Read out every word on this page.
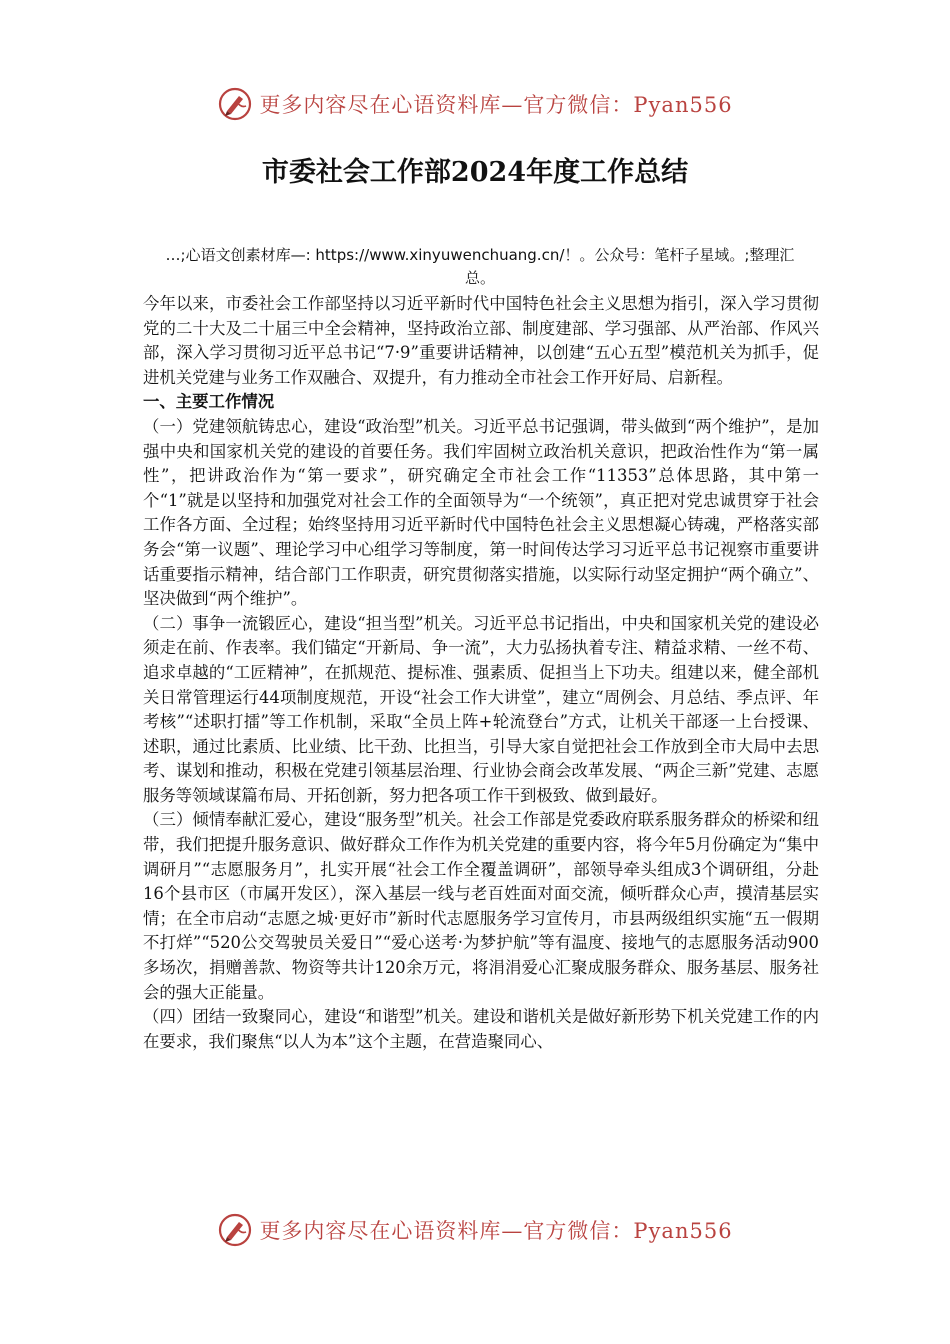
更多内容尽在心语资料库—官方微信：Pyan556
市委社会工作部2024年度工作总结
…;心语文创素材库—: https://www.xinyuwenchuang.cn/！。公众号：笔杆子星域。;整理汇总。

今年以来，市委社会工作部坚持以习近平新时代中国特色社会主义思想为指引，深入学习贯彻党的二十大及二十届三中全会精神，坚持政治立部、制度建部、学习强部、从严治部、作风兴部，深入学习贯彻习近平总书记“7·9”重要讲话精神，以创建“五心五型”模范机关为抓手，促进机关党建与业务工作双融合、双提升，有力推动全市社会工作开好局、启新程。

一、主要工作情况

（一）党建领航铸忠心，建设“政治型”机关。习近平总书记强调，带头做到“两个维护”，是加强中央和国家机关党的建设的首要任务。我们牢固树立政治机关意识，把政治性作为“第一属性”，把讲政治作为“第一要求”，研究确定全市社会工作“11353”总体思路，其中第一个“1”就是以坚持和加强党对社会工作的全面领导为“一个统领”，真正把对党忠诚贯穿于社会工作各方面、全过程；始终坚持用习近平新时代中国特色社会主义思想凝心铸魂，严格落实部务会“第一议题”、理论学习中心组学习等制度，第一时间传达学习习近平总书记视察市重要讲话重要指示精神，结合部门工作职责，研究贯彻落实措施，以实际行动坚定拥护“两个确立”、坚决做到“两个维护”。

（二）事争一流锻匠心，建设“担当型”机关。习近平总书记指出，中央和国家机关党的建设必须走在前、作表率。我们锚定“开新局、争一流”，大力弘扬执着专注、精益求精、一丝不苟、追求卓越的“工匠精神”，在抓规范、提标准、强素质、促担当上下功夫。组建以来，健全部机关日常管理运行44项制度规范，开设“社会工作大讲堂”，建立“周例会、月总结、季点评、年考核”“述职打擂”等工作机制，采取“全员上阵+轮流登台”方式，让机关干部逐一上台授课、述职，通过比素质、比业绩、比干劲、比担当，引导大家自觉把社会工作放到全市大局中去思考、谋划和推动，积极在党建引领基层治理、行业协会商会改革发展、“两企三新”党建、志愿服务等领域谋篇布局、开拓创新，努力把各项工作干到极致、做到最好。

（三）倾情奉献汇爱心，建设“服务型”机关。社会工作部是党委政府联系服务群众的桥梁和纽带，我们把提升服务意识、做好群众工作作为机关党建的重要内容，将今年5月份确定为“集中调研月”“志愿服务月”，扎实开展“社会工作全覆盖调研”，部领导牵头组成3个调研组，分赴16个县市区（市属开发区），深入基层一线与老百姓面对面交流，倾听群众心声，摸清基层实情；在全市启动“志愿之城·更好市”新时代志愿服务学习宣传月，市县两级组织实施“五一假期不打烊”“520公交驾驶员关爱日”“爱心送考·为梦护航”等有温度、接地气的志愿服务活动900多场次，捐赠善款、物资等共计120余万元，将涓涓爱心汇聚成服务群众、服务基层、服务社会的强大正能量。

（四）团结一致聚同心，建设“和谐型”机关。建设和谐机关是做好新形势下机关党建工作的内在要求，我们聚焦“以人为本”这个主题，在营造聚同心、

更多内容尽在心语资料库—官方微信：Pyan556
